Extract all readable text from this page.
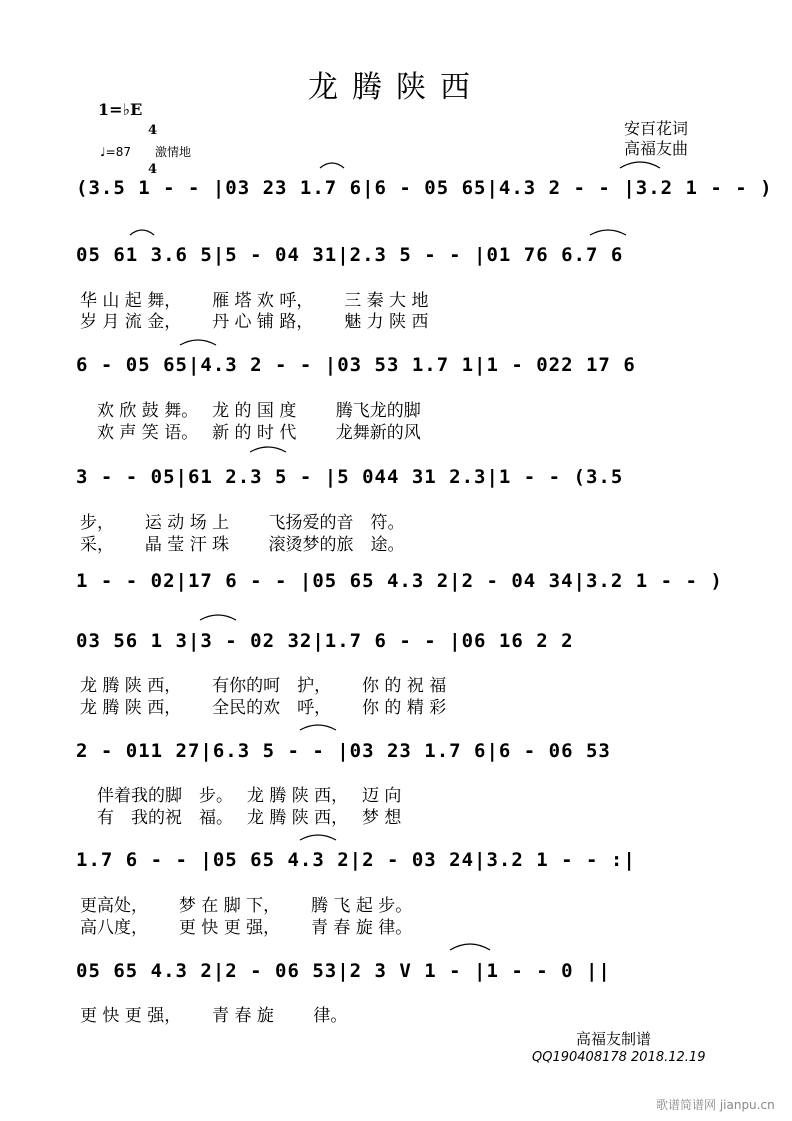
龙腾陕西
1=♭E

4

4

♩=87　　激情地
安百花词
高福友曲
(3.5 1 - - |03 23 1.7 6|6 - 05 65|4.3 2 - - |3.2 1 - - )
05 61 3.6 5|5 - 04 31|2.3 5 - - |01 76 6.7 6
华 山 起 舞，　　 雁 塔 欢 呼，　　 三 秦 大 地
岁 月 流 金，　　 丹 心 铺 路，　　 魅 力 陕 西
6 - 05 65|4.3 2 - - |03 53 1.7 1|1 - 022 17 6
　欢 欣 鼓 舞。　 龙 的 国 度　　 腾飞龙的脚
　欢 声 笑 语。　 新 的 时 代　　 龙舞新的风
3 - - 05|61 2.3 5 - |5 044 31 2.3|1 - - (3.5
步，　　 运 动 场 上　　 飞扬爱的音　符。
采，　　 晶 莹 汗 珠　　 滚烫梦的旅　途。
1 - - 02|17 6 - - |05 65 4.3 2|2 - 04 34|3.2 1 - - )
03 56 1 3|3 - 02 32|1.7 6 - - |06 16 2 2
龙 腾 陕 西，　　 有你的呵　护，　　 你 的 祝 福
龙 腾 陕 西，　　 全民的欢　呼，　　 你 的 精 彩
2 - 011 27|6.3 5 - - |03 23 1.7 6|6 - 06 53
　伴着我的脚　步。　 龙 腾 陕 西，　 迈 向
　有　我的祝　福。　 龙 腾 陕 西，　 梦 想
1.7 6 - - |05 65 4.3 2|2 - 03 24|3.2 1 - - :|
更高处，　　 梦 在 脚 下，　　 腾 飞 起 步。
高八度，　　 更 快 更 强，　　 青 春 旋 律。
05 65 4.3 2|2 - 06 53|2 3 V 1 - |1 - - 0 ||
更 快 更 强，　　 青 春 旋　　 律。
高福友制谱
QQ190408178 2018.12.19
歌谱简谱网 jianpu.cn
